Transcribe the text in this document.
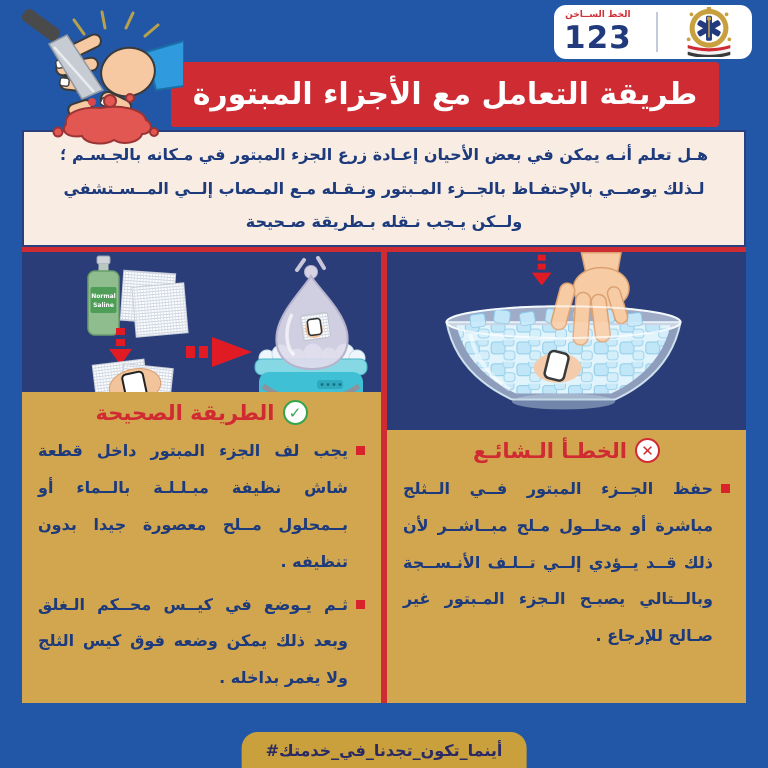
الخط الســاخن
123
طريقة التعامل مع الأجزاء المبتورة
هـل تعلم أنـه يمكن في بعض الأحيان إعـادة زرع الجزء المبتور في مـكانه بالجـسـم ؛
لـذلك يوصــي بالإحتفـاظ بالجــزء المـبتور ونـقـله مـع المـصاب إلــي المــسـتشفي
ولــكن يـجب نـقله بـطريقة صـحيحة
Normal
Saline
✓
الطريقة الصحيحة

يجب لف الجزء المبتور داخل قطعة شاش نظيفة مبـلـلـة بالــماء أو بــمحلول مــلح معصورة جيدا بدون تنظيفه .

ثـم يـوضع في كيــس محــكم الـغلق وبعد ذلك يمكن وضعه فوق كيس الثلج ولا يغمر بداخله .

✕
الخطـأ الـشائـع

حفظ الجــزء المبتور فــي الــثلج مباشرة أو محلــول مـلح مبــاشــر لأن ذلك قــد يــؤدي إلــي تــلـف الأنـســجة وبالــتالي يصبـح الـجزء المـبتور غير صـالح للإرجاع .

#أينما_تكون_تجدنا_في_خدمتك
